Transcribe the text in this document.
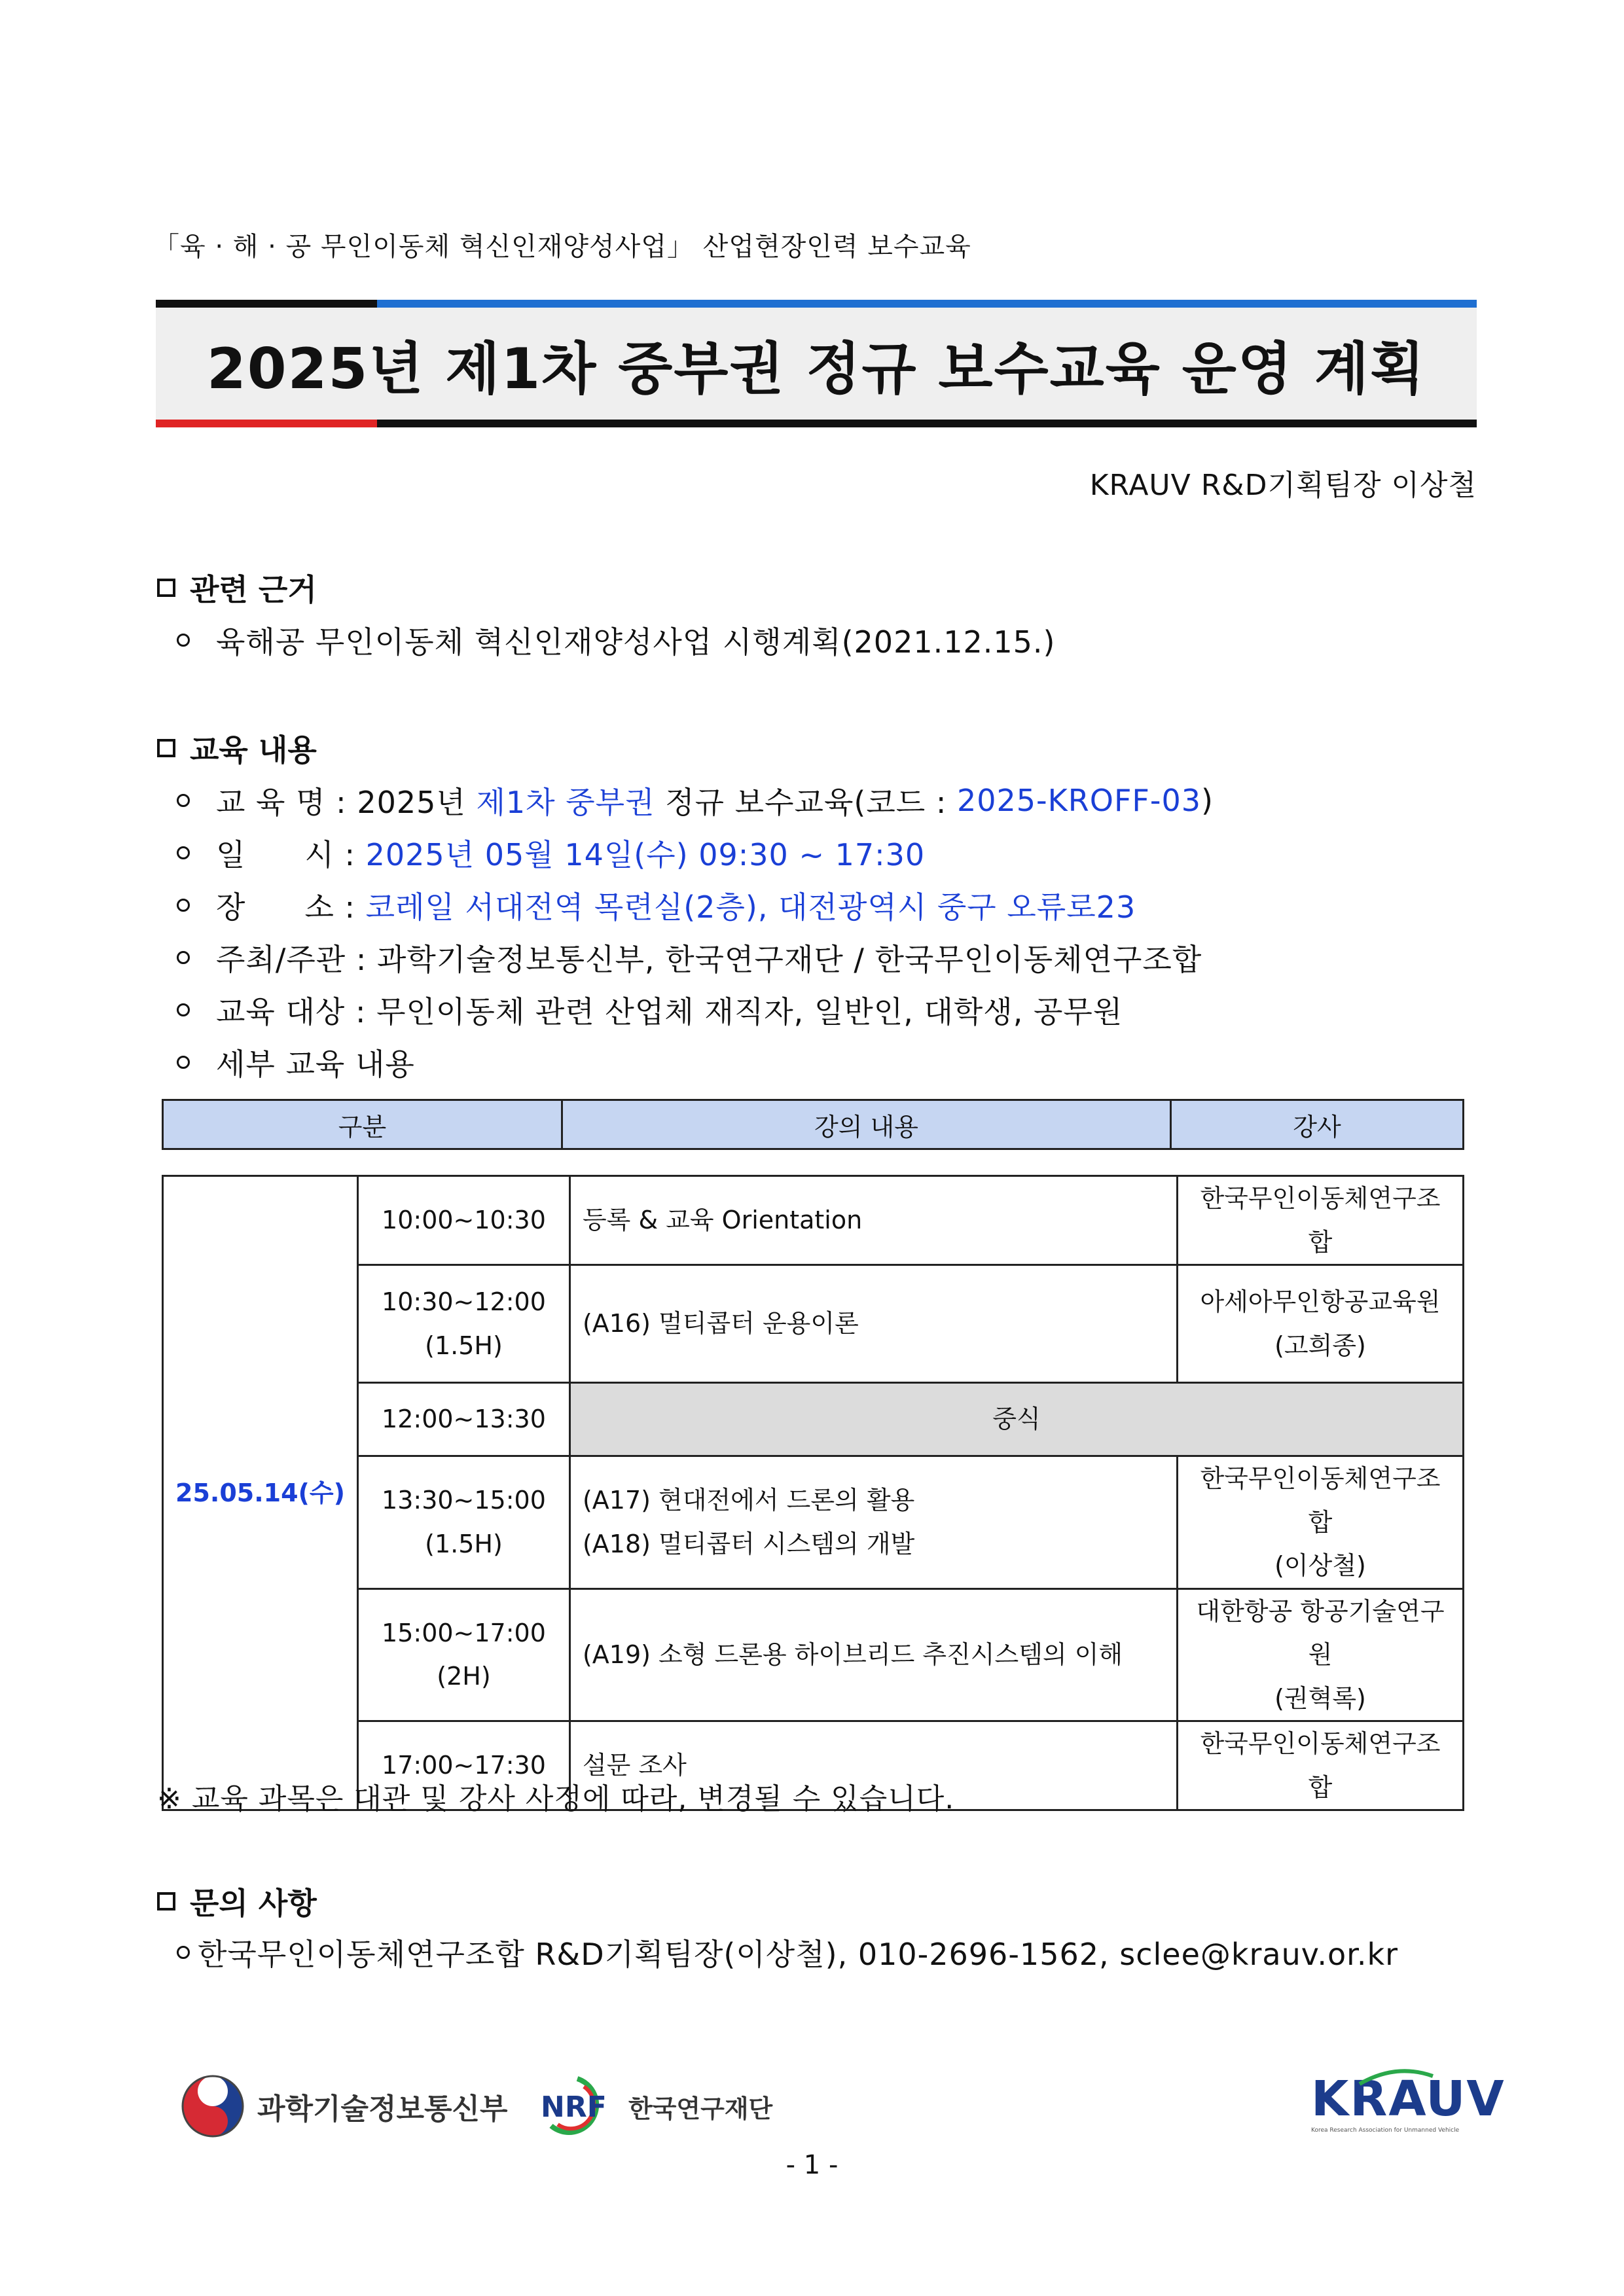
「육 · 해 · 공 무인이동체 혁신인재양성사업」 산업현장인력 보수교육
2025년 제1차 중부권 정규 보수교육 운영 계획
KRAUV R&D기획팀장 이상철
관련 근거
육해공 무인이동체 혁신인재양성사업 시행계획(2021.12.15.)
교육 내용
교 육 명 :
2025년
제1차 중부권
정규 보수교육(코드 :
2025-KROFF-03 )
일 시 :
2025년 05월 14일(수) 09:30 ~ 17:30
장 소 :
코레일 서대전역 목련실(2층), 대전광역시 중구 오류로23
주최/주관 : 과학기술정보통신부, 한국연구재단 / 한국무인이동체연구조합
교육 대상 : 무인이동체 관련 산업체 재직자, 일반인, 대학생, 공무원
세부 교육 내용
구분	강의 내용	강사
25.05.14(수)	10:00~10:30	등록 & 교육 Orientation	한국무인이동체연구조합
	10:30~12:00
(1.5H)	(A16) 멀티콥터 운용이론	아세아무인항공교육원
(고희종)
	12:00~13:30	중식	
	13:30~15:00
(1.5H)	(A17) 현대전에서 드론의 활용
(A18) 멀티콥터 시스템의 개발	한국무인이동체연구조합
(이상철)
	15:00~17:00
(2H)	(A19) 소형 드론용 하이브리드 추진시스템의 이해	대한항공 항공기술연구원
(권혁록)
	17:00~17:30	설문 조사	한국무인이동체연구조합
※ 교육 과목은 대관 및 강사 사정에 따라, 변경될 수 있습니다.
문의 사항
한국무인이동체연구조합 R&D기획팀장(이상철), 010-2696-1562, sclee@krauv.or.kr
과학기술정보통신부 NRF 한국연구재단	KRAUV
Korea Research Association for Unmanned Vehicle
- 1 -
